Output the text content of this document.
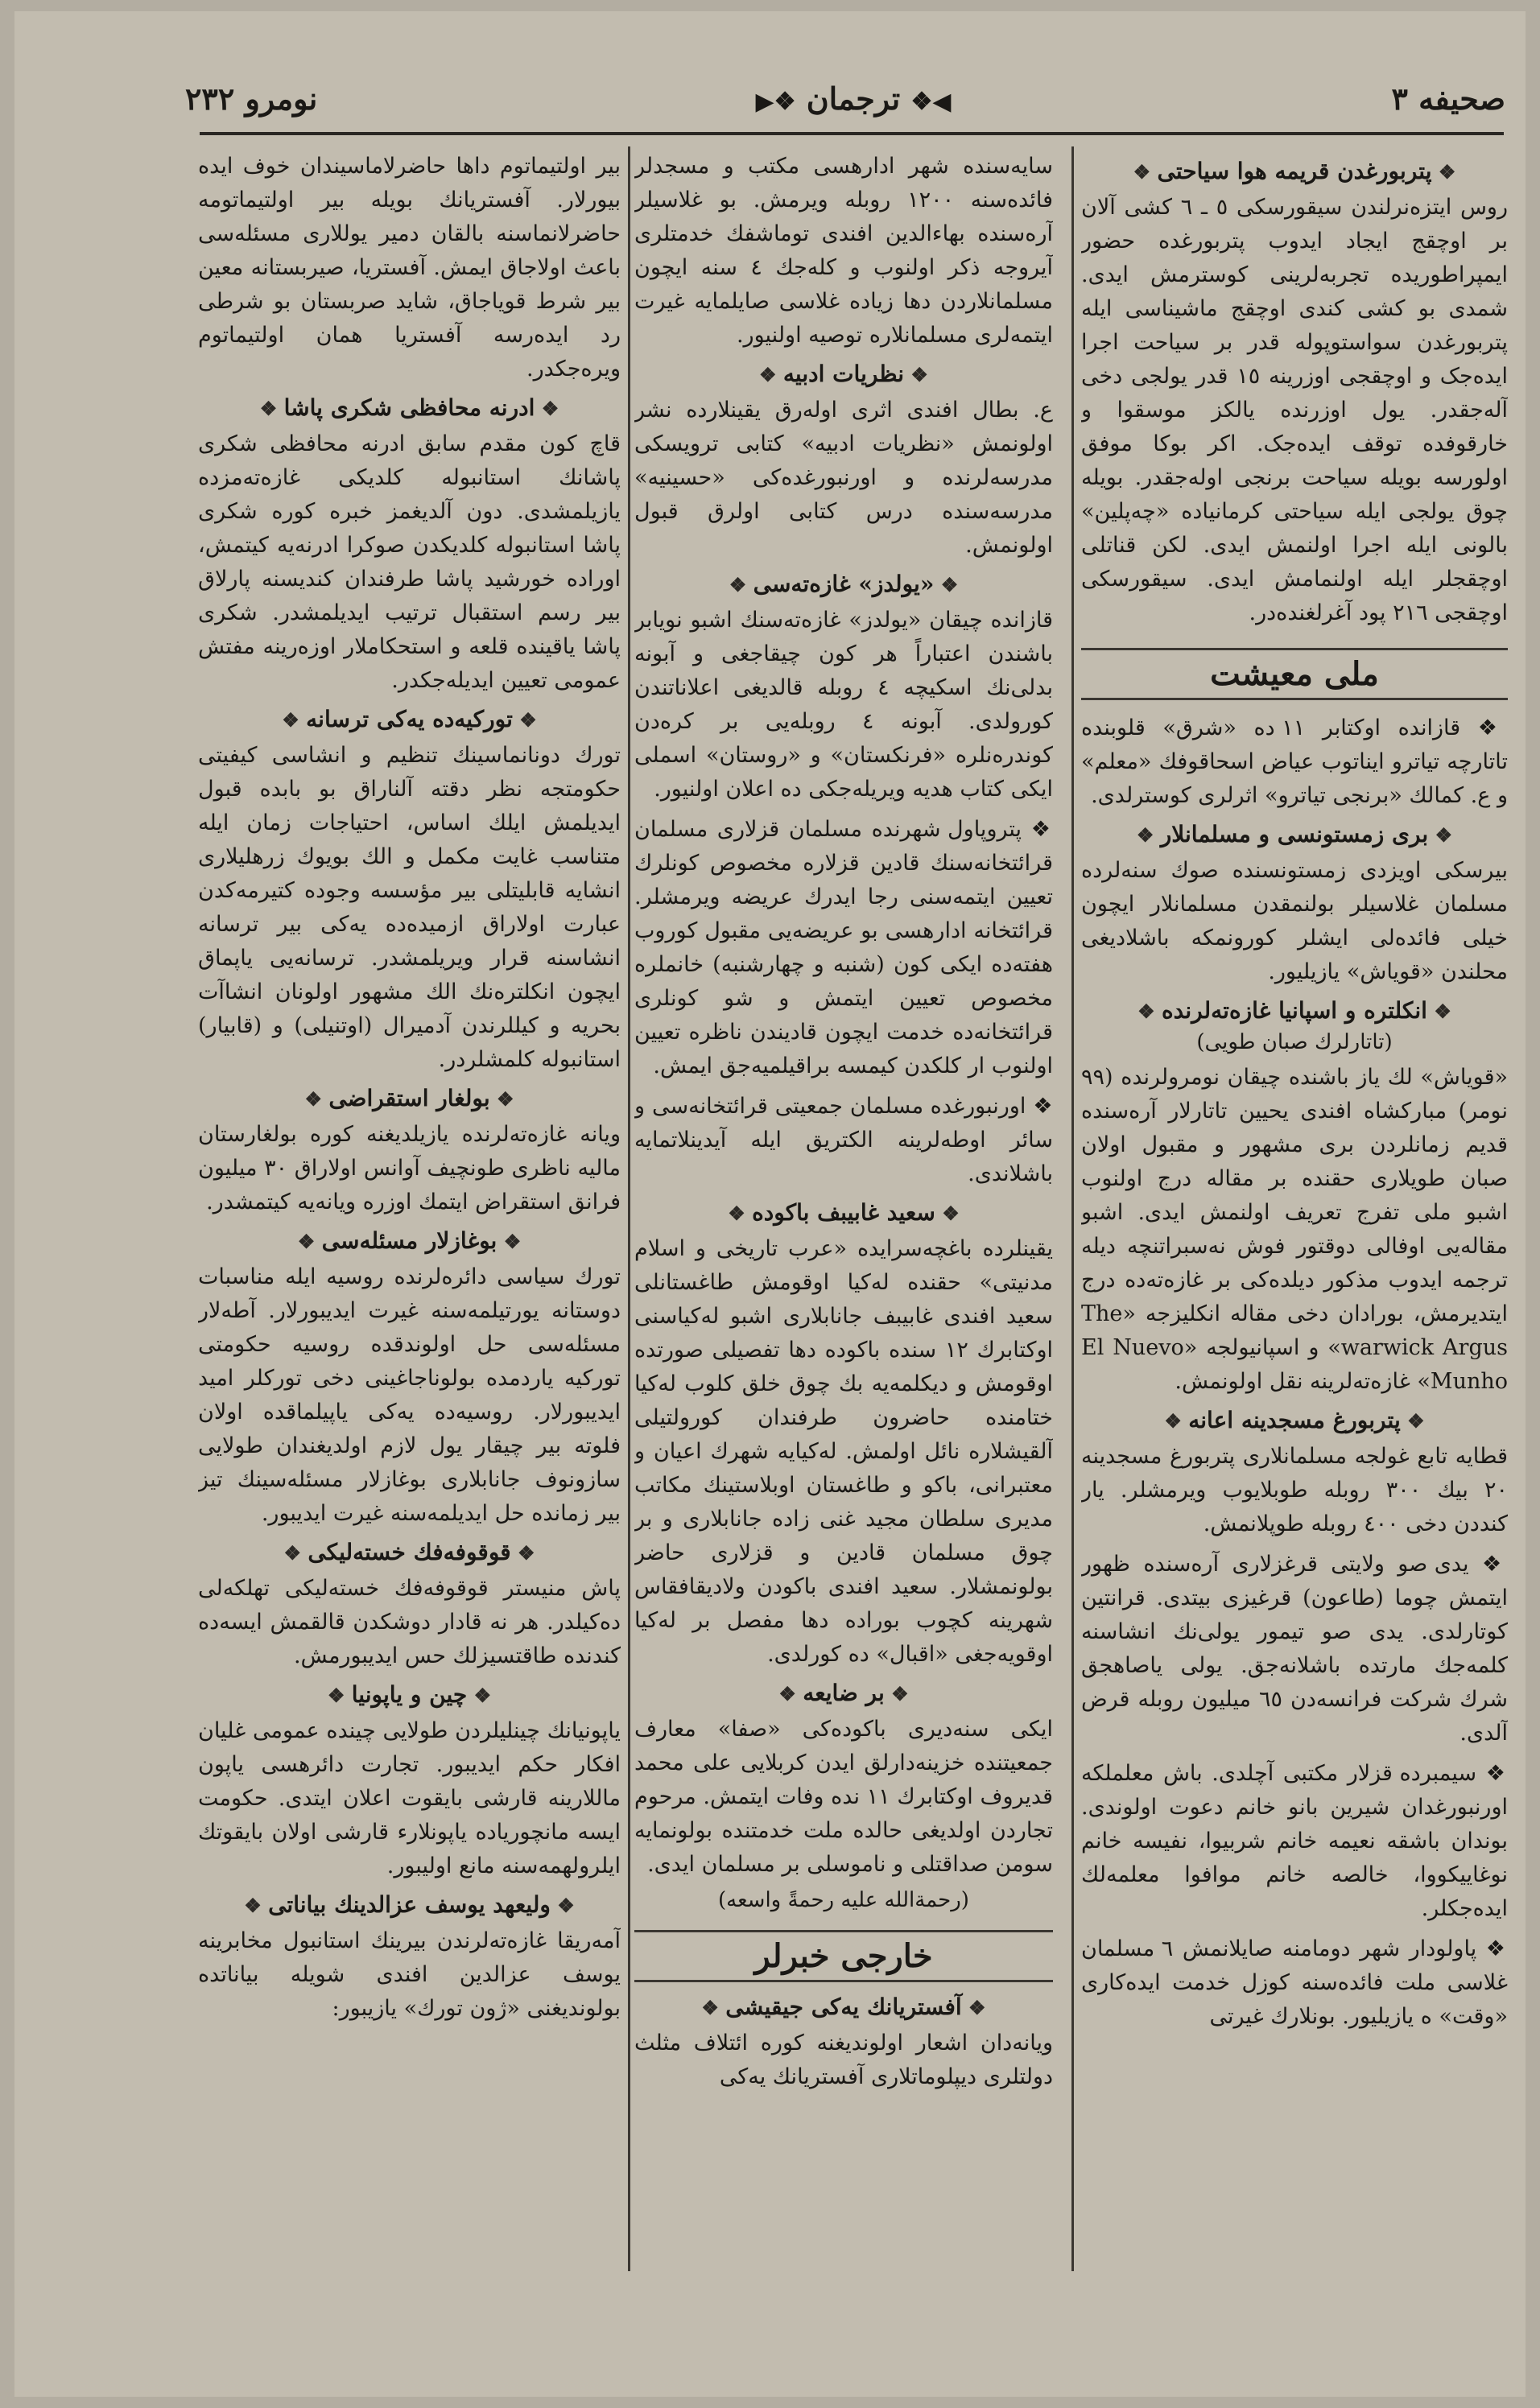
صحیفه ٣
◀❖ ترجمان ❖▶
نومرو ٢٣٢
❖ پتربورغدن قریمه هوا سیاحتی ❖

روس ایتزه‌نرلندن سیقورسکی ٥ ـ ٦ کشی آلان بر اوچقج ایجاد ایدوب پتربورغده حضور ایمپراطوریده تجربه‌لرینی کوسترمش ایدی. شمدی بو کشی کندی اوچقج ماشیناسی ایله پتربورغدن سواستوپوله قدر بر سیاحت اجرا ایده‌جک و اوچقجی اوزرینه ١٥ قدر یولجی دخی آله‌جقدر. یول اوزرنده یالکز موسقوا و خارقوفده توقف ایده‌جک. اکر بوکا موفق اولورسه بویله سیاحت برنجی اوله‌جقدر. بویله چوق یولجی ایله سیاحتی کرمانیاده «چه‌پلین» بالونی ایله اجرا اولنمش ایدی. لکن قناتلی اوچقجلر ایله اولنمامش ایدی. سیقورسکی اوچقجی ٢١٦ پود آغرلغنده‌در.

ملی معیشت

❖ قازانده اوکتابر ١١ ده «شرق» قلوبنده تاتارچه تیاترو ایناتوب عیاض اسحاقوفك «معلم» و ع. کمالك «برنجی تیاترو» اثرلری کوسترلدی.

❖ بری زمستونسی و مسلمانلار ❖

بیرسکی اویزدی زمستونسنده صوك سنه‌لرده مسلمان غلاسیلر بولنمقدن مسلمانلار ایچون خیلی فائده‌لی ایشلر کورونمکه باشلادیغی محلندن «قویاش» یازیلیور.

❖ انکلتره و اسپانیا غازه‌ته‌لرنده ❖
(تاتارلرك صبان طویی)

«قویاش» لك یاز باشنده چیقان نومرولرنده (٩٩ نومر) مبارکشاه افندی یحیین تاتارلار آره‌سنده قدیم زمانلردن بری مشهور و مقبول اولان صبان طویلاری حقنده بر مقاله درج اولنوب اشبو ملی تفرج تعریف اولنمش ایدی. اشبو مقاله‌یی اوفالی دوقتور فوش نه‌سبراتنچه دیله ترجمه ایدوب مذکور دیلده‌کی بر غازه‌ته‌ده درج ایتدیرمش، بورادان دخی مقاله انکلیزجه «The warwick Argus» و اسپانیولجه «El Nuevo Munho» غازه‌ته‌لرینه نقل اولونمش.

❖ پتربورغ مسجدینه اعانه ❖

قطایه تابع غولجه مسلمانلاری پتربورغ مسجدینه ٢٠ بیك ٣٠٠ روبله طوبلایوب ویرمشلر. یار کنددن دخی ٤٠٠ روبله طوپلانمش.

❖ یدی صو ولایتی قرغزلاری آره‌سنده ظهور ایتمش چوما (طاعون) قرغیزی بیتدی. قرانتین کوتارلدی. یدی صو تیمور یولی‌نك انشاسنه کلمه‌جك مارتده باشلانه‌جق. یولی یاصاهجق شرك شركت فرانسه‌دن ٦٥ میلیون روبله قرض آلدی.

❖ سیمبرده قزلار مکتبی آچلدی. باش معلملکه اورنبورغدان شیرین بانو خانم دعوت اولوندی. بوندان باشقه نعیمه خانم شربیوا، نفیسه خانم نوغاییکووا، خالصه خانم موافوا معلمه‌لك ایده‌جکلر.

❖ پاولودار شهر دومامنه صایلانمش ٦ مسلمان غلاسی ملت فائده‌سنه کوزل خدمت ایده‌کاری «وقت» ه یازیلیور. بونلارك غیرتی

سایه‌سنده شهر ادارهسی مکتب و مسجدلر فائده‌سنه ١٢٠٠ روبله ویرمش. بو غلاسیلر آره‌سنده بهاءالدین افندی توماشفك خدمتلری آیروجه ذکر اولنوب و کله‌جك ٤ سنه ایچون مسلمانلاردن دها زیاده غلاسی صایلمایه غیرت ایتمه‌لری مسلمانلاره توصیه اولنیور.

❖ نظریات ادبیه ❖

ع. بطال افندی اثری اوله‌رق یقینلارده نشر اولونمش «نظریات ادبیه» کتابی ترویسکی مدرسه‌لرنده و اورنبورغده‌کی «حسینیه» مدرسه‌سنده درس کتابی اولرق قبول اولونمش.

❖ «یولدز» غازه‌ته‌سی ❖

قازانده چیقان «یولدز» غازه‌ته‌سنك اشبو نویابر باشندن اعتباراً هر کون چیقاجغی و آبونه بدلی‌نك اسکیچه ٤ روبله قالدیغی اعلاناتندن کورولدی. آبونه ٤ روبله‌یی بر کره‌دن کوندره‌نلره «فرنکستان» و «روستان» اسملی ایکی کتاب هدیه ویریله‌جکی ده اعلان اولنیور.

❖ پتروپاول شهرنده مسلمان قزلاری مسلمان قرائتخانه‌سنك قادین قزلاره مخصوص کونلرك تعیین ایتمه‌سنی رجا ایدرك عریضه ویرمشلر. قرائتخانه ادارهسی بو عریضه‌یی مقبول کوروب هفته‌ده ایکی کون (شنبه و چهارشنبه) خانملره مخصوص تعیین ایتمش و شو کونلری قرائتخانه‌ده خدمت ایچون قادیندن ناظره تعیین اولنوب ار کلکدن کیمسه براقیلمیه‌جق ایمش.

❖ اورنبورغده مسلمان جمعیتی قرائتخانه‌سی و سائر اوطه‌لرینه الکتریق ایله آیدینلاتمایه باشلاندی.

❖ سعید غابیبف باکوده ❖

یقینلرده باغچه‌سرایده «عرب تاریخی و اسلام مدنیتی» حقنده له‌کیا اوقومش طاغستانلی سعید افندی غابیبف جانابلاری اشبو له‌کیاسنی اوکتابرك ١٢ سنده باکوده دها تفصیلی صورتده اوقومش و دیکلمه‌یه بك چوق خلق کلوب له‌کیا ختامنده حاضرون طرفندان کورولتیلی آلقیشلاره نائل اولمش. له‌کیایه شهرك اعیان و معتبرانی، باکو و طاغستان اوبلاستینك مکاتب مدیری سلطان مجید غنی زاده جانابلاری و بر چوق مسلمان قادین و قزلاری حاضر بولونمشلار. سعید افندی باکودن ولادیقافقاس شهرینه کچوب بوراده دها مفصل بر له‌کیا اوقویه‌جغی «اقبال» ده کورلدی.

❖ بر ضایعه ❖

ایکی سنه‌دیری باکوده‌کی «صفا» معارف جمعیتنده خزینه‌دارلق ایدن کربلایی علی محمد قدیروف اوکتابرك ١١ نده وفات ایتمش. مرحوم تجاردن اولدیغی حالده ملت خدمتنده بولونمایه سومن صداقتلی و ناموسلی بر مسلمان ایدی.

(رحمة‌الله علیه رحمةً واسعه)
خارجی خبرلر
❖ آفستریانك یه‌کی جیقیشی ❖

ویانه‌دان اشعار اولوندیغنه کوره ائتلاف مثلث دولتلری دیپلوماتلاری آفستریانك یه‌کی

بیر اولتیماتوم داها حاضرلاماسیندان خوف ایده بیورلار. آفستریانك بویله بیر اولتیماتومه حاضرلانماسنه بالقان دمیر یوللاری مسئله‌سی باعث اولاجاق ایمش. آفستریا، صیربستانه معین بیر شرط قویاجاق، شاید صربستان بو شرطی رد ایده‌رسه آفستریا همان اولتیماتوم ویره‌جکدر.

❖ ادرنه محافظی شکری پاشا ❖

قاچ کون مقدم سابق ادرنه محافظی شکری پاشانك استانبوله کلدیکی غازه‌ته‌مزده یازیلمشدی. دون آلدیغمز خبره کوره شکری پاشا استانبوله کلدیکدن صوکرا ادرنه‌یه کیتمش، اوراده خورشید پاشا طرفندان کندیسنه پارلاق بیر رسم استقبال ترتیب ایدیلمشدر. شکری پاشا یاقینده قلعه و استحکاملار اوزه‌رینه مفتش عمومی تعیین ایدیله‌جکدر.

❖ تورکیه‌ده یه‌کی ترسانه ❖

تورك دونانماسینك تنظیم و انشاسی کیفیتی حکومتجه نظر دقته آلناراق بو بابده قبول ایدیلمش ایلك اساس، احتیاجات زمان ایله متناسب غایت مکمل و الك بویوك زرهلیلاری انشایه قابلیتلی بیر مؤسسه وجوده کتیرمه‌کدن عبارت اولاراق ازمیده‌ده یه‌کی بیر ترسانه انشاسنه قرار ویریلمشدر. ترسانه‌یی یاپماق ایچون انکلتره‌نك الك مشهور اولونان انشاآت بحریه و کیللر‌ندن آدمیرال (اوتنیلی) و (قابیار) استانبوله کلمشلردر.

❖ بولغار استقراضی ❖

ویانه غازه‌ته‌لرنده یازیلدیغنه کوره بولغارستان مالیه ناظری طونچیف آوانس اولاراق ٣٠ میلیون فرانق استقراض ایتمك اوزره ویانه‌یه کیتمشدر.

❖ بوغازلار مسئله‌سی ❖

تورك سیاسی دائره‌لرنده روسیه ایله مناسبات دوستانه یورتیلمه‌سنه غیرت ایدیبورلار. آطه‌لار مسئله‌سی حل اولوندقده روسیه حکومتی تورکیه یاردمده بولوناجاغینی دخی تورکلر امید ایدیبورلار. روسیه‌ده یه‌کی یاپیلماقده اولان فلوته بیر چیقار یول لازم اولدیغندان طولایی سازونوف جانابلاری بوغازلار مسئله‌سینك تیز بیر زمانده حل ایدیلمه‌سنه غیرت ایدیبور.

❖ قوقوفه‌فك خسته‌لیکی ❖

پاش منیستر قوقوفه‌فك خسته‌لیکی تهلکه‌لی ده‌کیلدر. هر نه قادار دوشکدن قالقمش ایسه‌ده کندنده طاقتسیزلك حس ایدیبورمش.

❖ چین و یاپونیا ❖

یاپونیانك چینلیلردن طولایی چینده عمومی غلیان افکار حکم ایدیبور. تجارت دائرهسی یاپون ماللارینه قارشی بایقوت اعلان ایتدی. حکومت ایسه مانچوریاده یاپونلارء قارشی اولان بایقوتك ایلرولهمه‌سنه مانع اولیبور.

❖ ولیعهد یوسف عزالدینك بیاناتی ❖

آمه‌ریقا غازه‌ته‌لرندن بیرینك استانبول مخابرینه یوسف عزالدین افندی شویله بیاناتده بولوندیغنی «ژون تورك» یازیبور:
